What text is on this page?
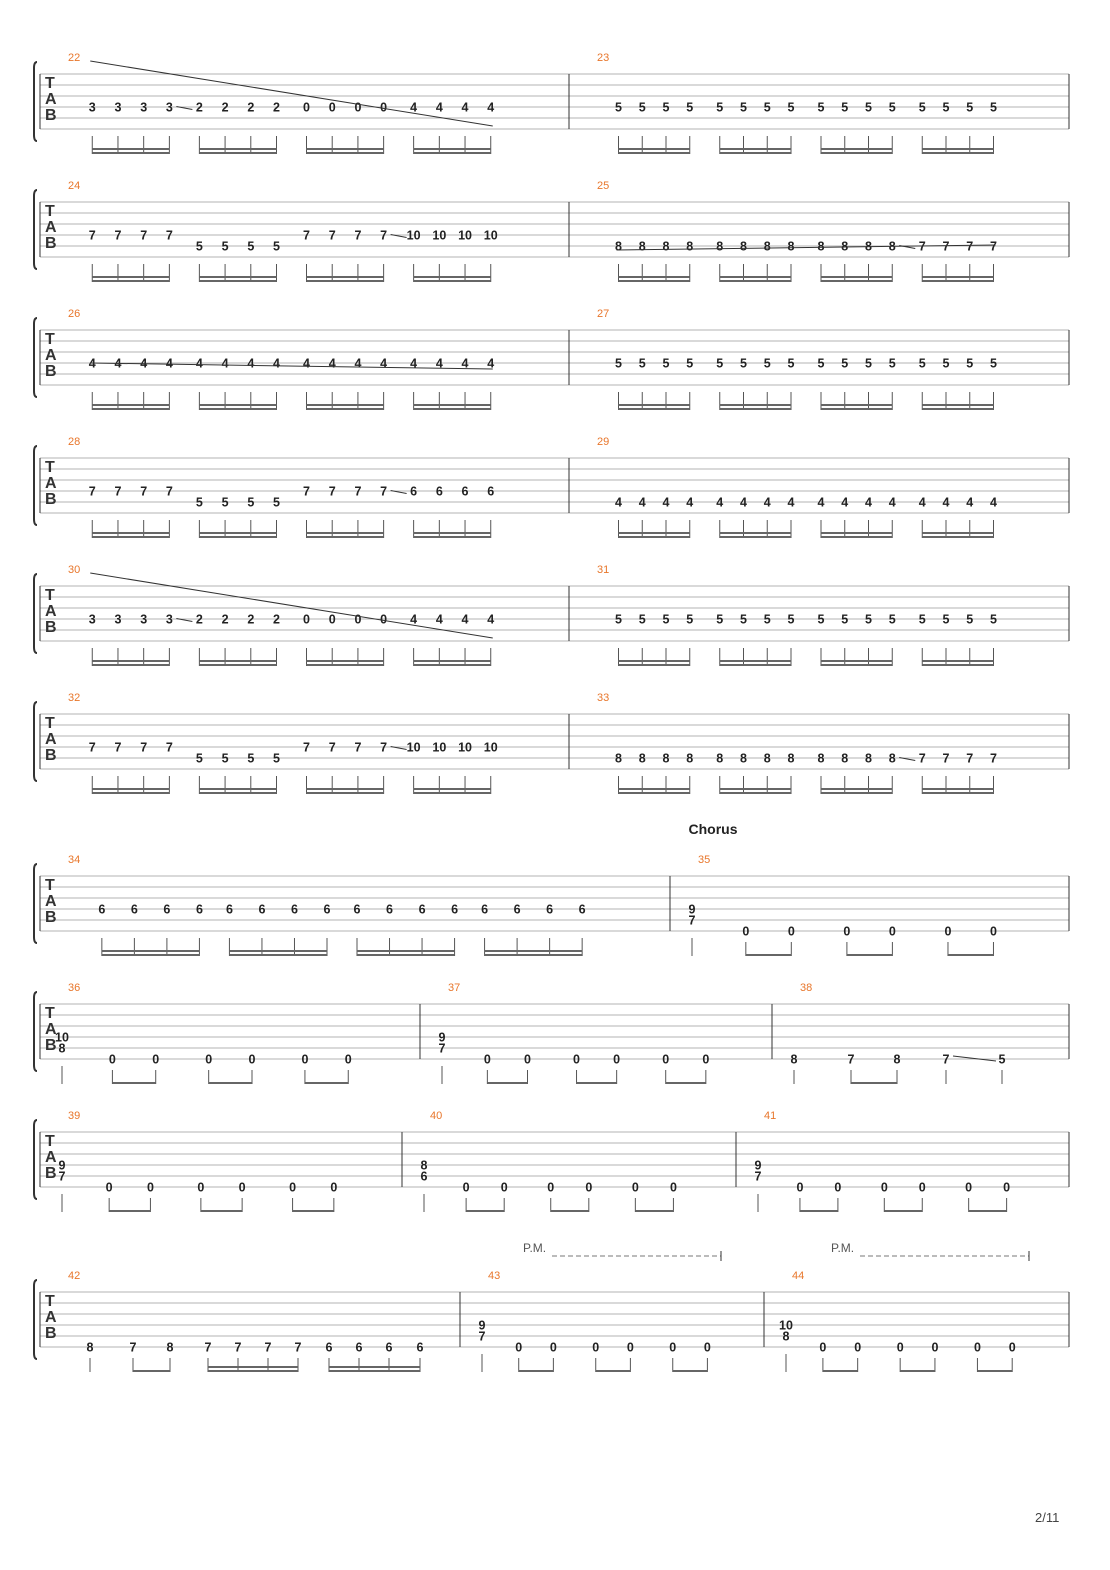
T
A
B
22
3 3 3 3 2 2 2 2 0 0 0 0 4 4 4 4
23
5 5 5 5 5 5 5 5 5 5 5 5 5 5 5 5
T
A
B
24
7 7 7 7
5 5 5 5
7 7 7 7 10 10 10 10
25
8 8 8 8 8 8 8 8 8 8 8 8 7 7 7 7
T
A
B
26
4 4 4 4 4 4 4 4 4 4 4 4 4 4 4 4
27
5 5 5 5 5 5 5 5 5 5 5 5 5 5 5 5
T
A
B
28
7 7 7 7
5 5 5 5
7 7 7 7 6 6 6 6
29
4 4 4 4 4 4 4 4 4 4 4 4 4 4 4 4
T
A
B
30
3 3 3 3 2 2 2 2 0 0 0 0 4 4 4 4
31
5 5 5 5 5 5 5 5 5 5 5 5 5 5 5 5
T
A
B
32
7 7 7 7
5 5 5 5
7 7 7 7 10 10 10 10
33
8 8 8 8 8 8 8 8 8 8 8 8 7 7 7 7
T
A
B
34
6 6 6 6 6 6 6 6 6 6 6 6 6 6 6 6
35
9
7
0	0	0	0	0	0
T
A
B
36
10
8
0	0	0	0	0	0
37
9
7
0	0	0	0	0	0
38
8	7	8	7	5
T
A
B
39
9
7
0	0	0	0	0	0
40
8
6
0 0	0 0	0 0
41
9
7
0 0	0 0	0 0
T
A
B
42
8	7 8 7 7 7 7 6 6 6 6
43
9
7
0 0	0 0	0 0
44
10
8
0 0	0 0	0 0
Chorus
P.M.	P.M.
2/11
